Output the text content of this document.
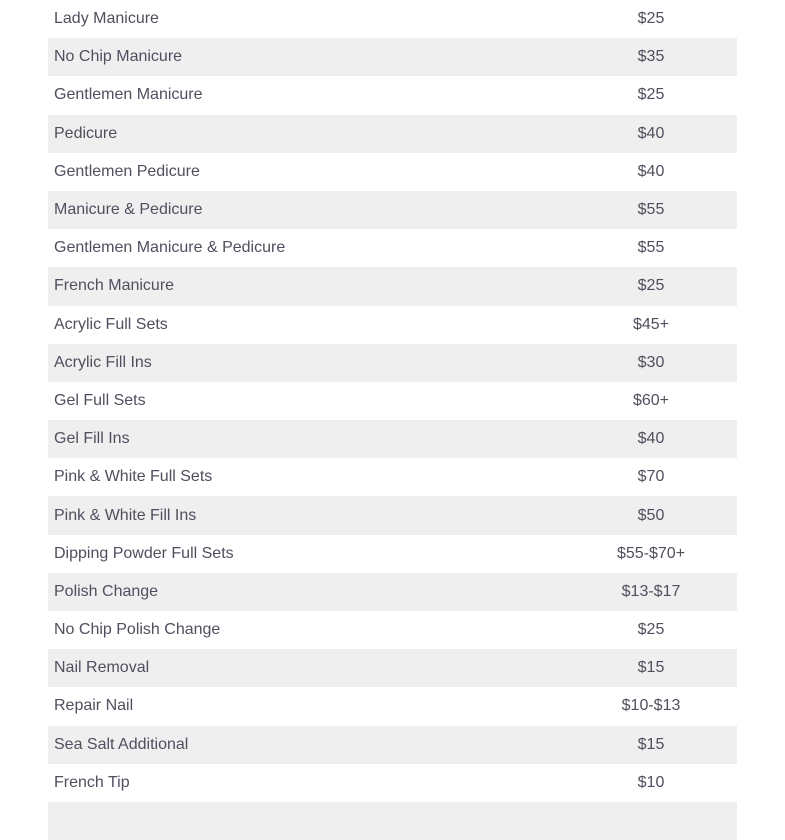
Lady Manicure	$25
No Chip Manicure	$35
Gentlemen Manicure	$25
Pedicure	$40
Gentlemen Pedicure	$40
Manicure & Pedicure	$55
Gentlemen Manicure & Pedicure	$55
French Manicure	$25
Acrylic Full Sets	$45+
Acrylic Fill Ins	$30
Gel Full Sets	$60+
Gel Fill Ins	$40
Pink & White Full Sets	$70
Pink & White Fill Ins	$50
Dipping Powder Full Sets	$55-$70+
Polish Change	$13-$17
No Chip Polish Change	$25
Nail Removal	$15
Repair Nail	$10-$13
Sea Salt Additional	$15
French Tip	$10
